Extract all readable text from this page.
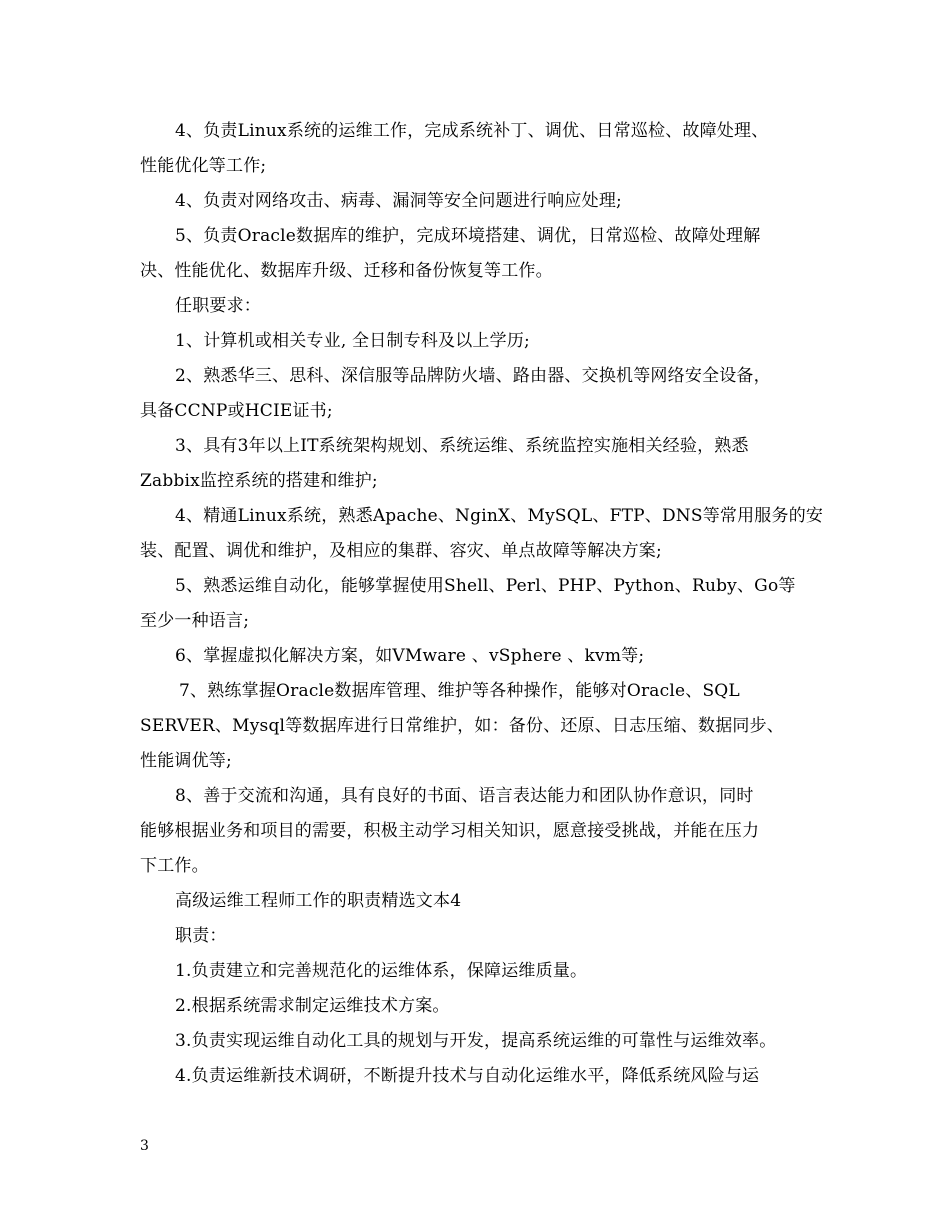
4、负责Linux系统的运维工作，完成系统补丁、调优、日常巡检、故障处理、
性能优化等工作;
4、负责对网络攻击、病毒、漏洞等安全问题进行响应处理;
5、负责Oracle数据库的维护，完成环境搭建、调优，日常巡检、故障处理解
决、性能优化、数据库升级、迁移和备份恢复等工作。
任职要求：
1、计算机或相关专业, 全日制专科及以上学历;
2、熟悉华三、思科、深信服等品牌防火墙、路由器、交换机等网络安全设备，
具备CCNP或HCIE证书;
3、具有3年以上IT系统架构规划、系统运维、系统监控实施相关经验，熟悉
Zabbix监控系统的搭建和维护;
4、精通Linux系统，熟悉Apache、NginX、MySQL、FTP、DNS等常用服务的安
装、配置、调优和维护，及相应的集群、容灾、单点故障等解决方案;
5、熟悉运维自动化，能够掌握使用Shell、Perl、PHP、Python、Ruby、Go等
至少一种语言;
6、掌握虚拟化解决方案，如VMware 、vSphere 、kvm等;
7、熟练掌握Oracle数据库管理、维护等各种操作，能够对Oracle、SQL
SERVER、Mysql等数据库进行日常维护，如：备份、还原、日志压缩、数据同步、
性能调优等;
8、善于交流和沟通，具有良好的书面、语言表达能力和团队协作意识，同时
能够根据业务和项目的需要，积极主动学习相关知识，愿意接受挑战，并能在压力
下工作。
高级运维工程师工作的职责精选文本4
职责：
1.负责建立和完善规范化的运维体系，保障运维质量。
2.根据系统需求制定运维技术方案。
3.负责实现运维自动化工具的规划与开发，提高系统运维的可靠性与运维效率。
4.负责运维新技术调研，不断提升技术与自动化运维水平，降低系统风险与运
3
